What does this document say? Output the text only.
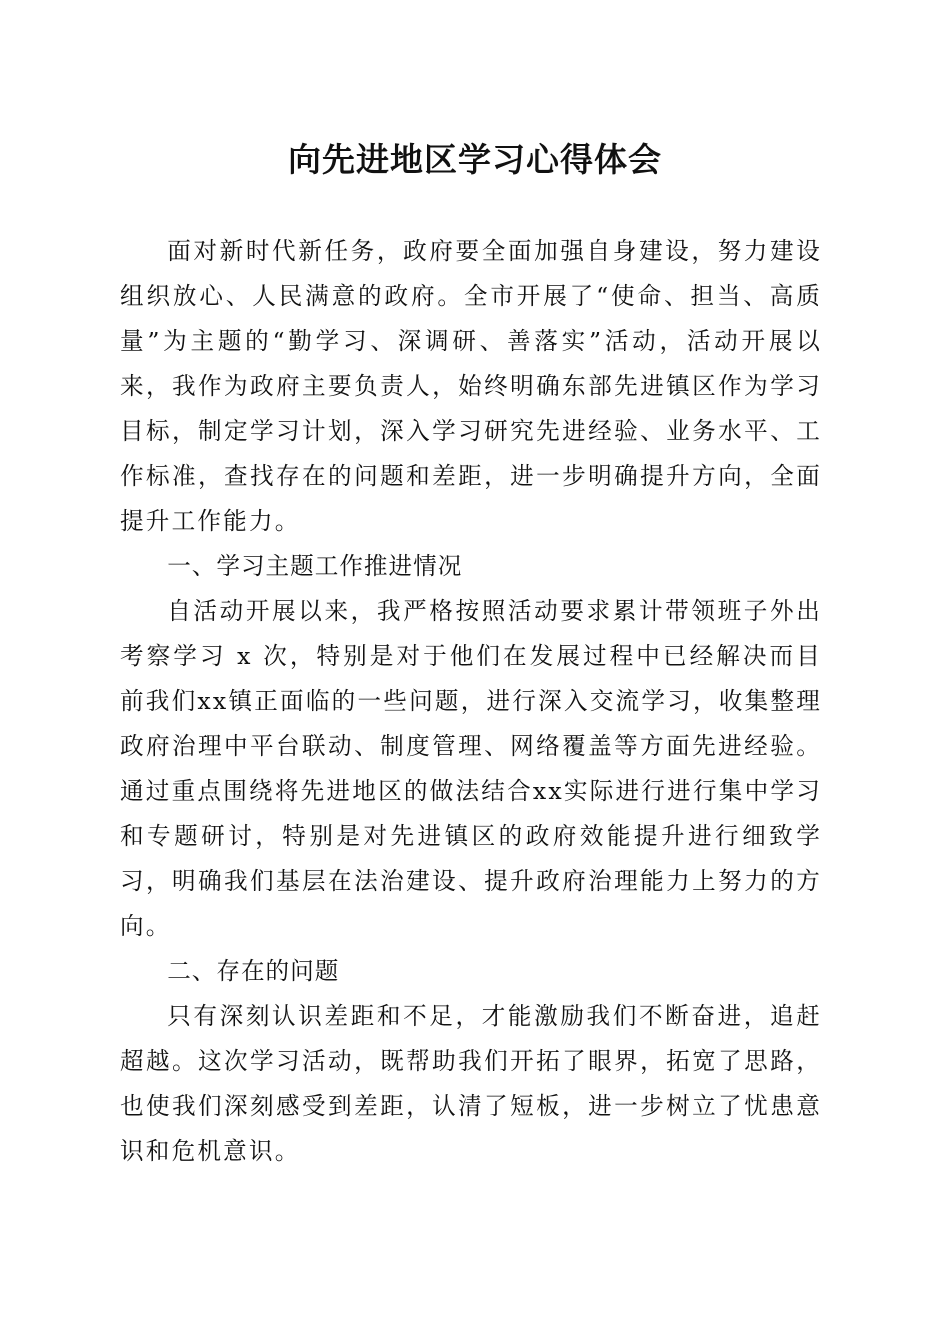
向先进地区学习心得体会

面对新时代新任务，政府要全面加强自身建设，努力建设组织放心、人民满意的政府。全市开展了“使命、担当、高质量”为主题的“勤学习、深调研、善落实”活动，活动开展以来，我作为政府主要负责人，始终明确东部先进镇区作为学习目标，制定学习计划，深入学习研究先进经验、业务水平、工作标准，查找存在的问题和差距，进一步明确提升方向，全面提升工作能力。

一、学习主题工作推进情况

自活动开展以来，我严格按照活动要求累计带领班子外出考察学习 x 次，特别是对于他们在发展过程中已经解决而目前我们xx镇正面临的一些问题，进行深入交流学习，收集整理政府治理中平台联动、制度管理、网络覆盖等方面先进经验。通过重点围绕将先进地区的做法结合xx实际进行进行集中学习和专题研讨，特别是对先进镇区的政府效能提升进行细致学习，明确我们基层在法治建设、提升政府治理能力上努力的方向。

二、存在的问题

只有深刻认识差距和不足，才能激励我们不断奋进，追赶超越。这次学习活动，既帮助我们开拓了眼界，拓宽了思路，也使我们深刻感受到差距，认清了短板，进一步树立了忧患意识和危机意识。
